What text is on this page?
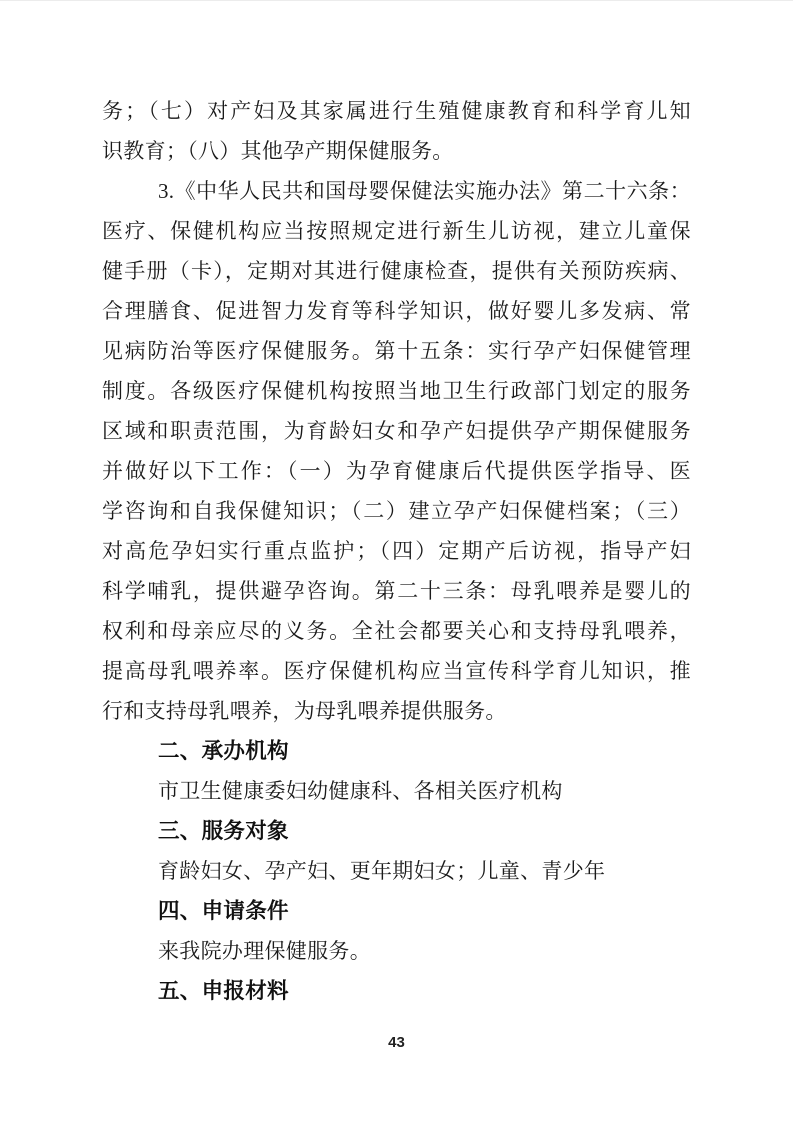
务；（七）对产妇及其家属进行生殖健康教育和科学育儿知
识教育；（八）其他孕产期保健服务。
3.《中华人民共和国母婴保健法实施办法》第二十六条：
医疗、保健机构应当按照规定进行新生儿访视，建立儿童保
健手册（卡），定期对其进行健康检查，提供有关预防疾病、
合理膳食、促进智力发育等科学知识，做好婴儿多发病、常
见病防治等医疗保健服务。第十五条：实行孕产妇保健管理
制度。各级医疗保健机构按照当地卫生行政部门划定的服务
区域和职责范围，为育龄妇女和孕产妇提供孕产期保健服务
并做好以下工作：（一）为孕育健康后代提供医学指导、医
学咨询和自我保健知识；（二）建立孕产妇保健档案；（三）
对高危孕妇实行重点监护；（四）定期产后访视，指导产妇
科学哺乳，提供避孕咨询。第二十三条：母乳喂养是婴儿的
权利和母亲应尽的义务。全社会都要关心和支持母乳喂养，
提高母乳喂养率。医疗保健机构应当宣传科学育儿知识，推
行和支持母乳喂养，为母乳喂养提供服务。
二、承办机构
市卫生健康委妇幼健康科、各相关医疗机构
三、服务对象
育龄妇女、孕产妇、更年期妇女；儿童、青少年
四、申请条件
来我院办理保健服务。
五、申报材料
43
